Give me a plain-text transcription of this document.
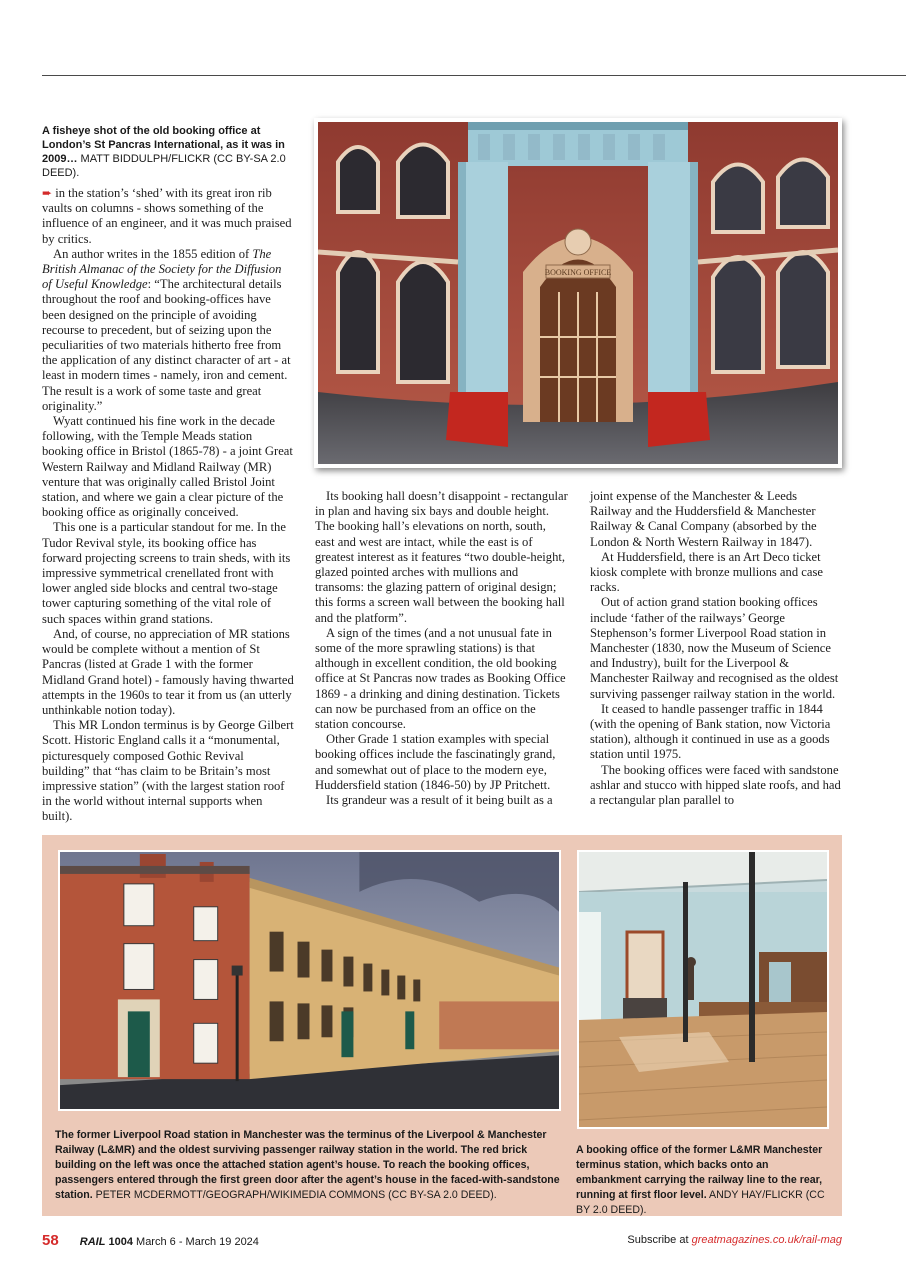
A fisheye shot of the old booking office at London’s St Pancras International, as it was in 2009… MATT BIDDULPH/FLICKR (CC BY-SA 2.0 DEED).
BOOKING OFFICE

➨ in the station’s ‘shed’ with its great iron rib vaults on columns - shows something of the influence of an engineer, and it was much praised by critics.

An author writes in the 1855 edition of The British Almanac of the Society for the Diffusion of Useful Knowledge: “The architectural details throughout the roof and booking-offices have been designed on the principle of avoiding recourse to precedent, but of seizing upon the peculiarities of two materials hitherto free from the application of any distinct character of art - at least in modern times - namely, iron and cement. The result is a work of some taste and great originality.”

Wyatt continued his fine work in the decade following, with the Temple Meads station booking office in Bristol (1865-78) - a joint Great Western Railway and Midland Railway (MR) venture that was originally called Bristol Joint station, and where we gain a clear picture of the booking office as originally conceived.

This one is a particular standout for me. In the Tudor Revival style, its booking office has forward projecting screens to train sheds, with its impressive symmetrical crenellated front with lower angled side blocks and central two-stage tower capturing something of the vital role of such spaces within grand stations.

And, of course, no appreciation of MR stations would be complete without a mention of St Pancras (listed at Grade 1 with the former Midland Grand hotel) - famously having thwarted attempts in the 1960s to tear it from us (an utterly unthinkable notion today).

This MR London terminus is by George Gilbert Scott. Historic England calls it a “monumental, picturesquely composed Gothic Revival building” that “has claim to be Britain’s most impressive station” (with the largest station roof in the world without internal supports when built).

Its booking hall doesn’t disappoint - rectangular in plan and having six bays and double height. The booking hall’s elevations on north, south, east and west are intact, while the east is of greatest interest as it features “two double-height, glazed pointed arches with mullions and transoms: the glazing pattern of original design; this forms a screen wall between the booking hall and the platform”.

A sign of the times (and a not unusual fate in some of the more sprawling stations) is that although in excellent condition, the old booking office at St Pancras now trades as Booking Office 1869 - a drinking and dining destination. Tickets can now be purchased from an office on the station concourse.

Other Grade 1 station examples with special booking offices include the fascinatingly grand, and somewhat out of place to the modern eye, Huddersfield station (1846-50) by JP Pritchett.

Its grandeur was a result of it being built as a

joint expense of the Manchester & Leeds Railway and the Huddersfield & Manchester Railway & Canal Company (absorbed by the London & North Western Railway in 1847).

At Huddersfield, there is an Art Deco ticket kiosk complete with bronze mullions and case racks.

Out of action grand station booking offices include ‘father of the railways’ George Stephenson’s former Liverpool Road station in Manchester (1830, now the Museum of Science and Industry), built for the Liverpool & Manchester Railway and recognised as the oldest surviving passenger railway station in the world.

It ceased to handle passenger traffic in 1844 (with the opening of Bank station, now Victoria station), although it continued in use as a goods station until 1975.

The booking offices were faced with sandstone ashlar and stucco with hipped slate roofs, and had a rectangular plan parallel to

The former Liverpool Road station in Manchester was the terminus of the Liverpool & Manchester Railway (L&MR) and the oldest surviving passenger railway station in the world. The red brick building on the left was once the attached station agent’s house. To reach the booking offices, passengers entered through the first green door after the agent’s house in the faced-with-sandstone station. PETER MCDERMOTT/GEOGRAPH/WIKIMEDIA COMMONS (CC BY-SA 2.0 DEED).
A booking office of the former L&MR Manchester terminus station, which backs onto an embankment carrying the railway line to the rear, running at first floor level. ANDY HAY/FLICKR (CC BY 2.0 DEED).
58 RAIL 1004 March 6 - March 19 2024	Subscribe at greatmagazines.co.uk/rail-mag
